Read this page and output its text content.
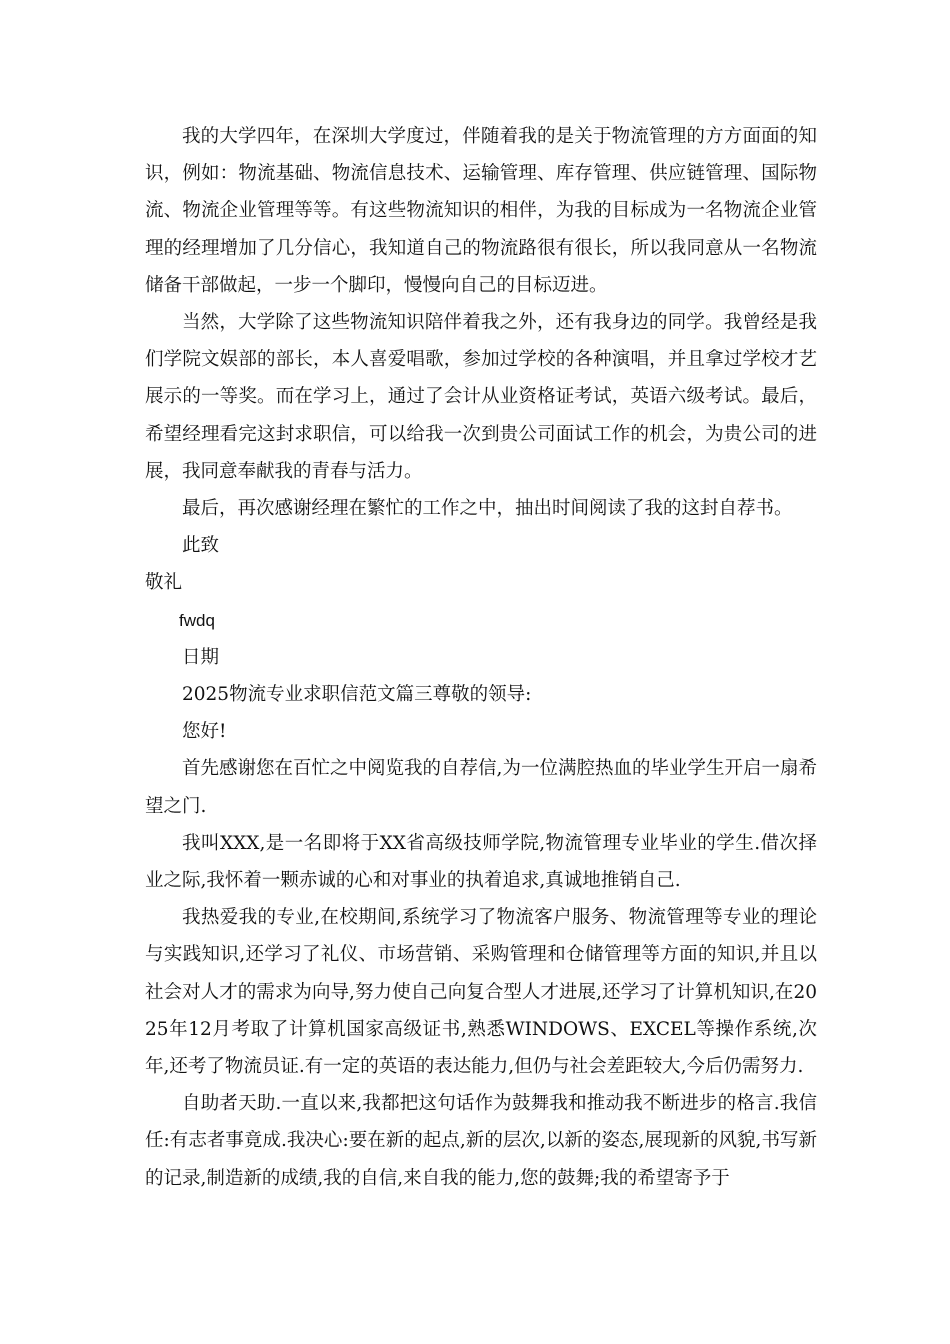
我的大学四年，在深圳大学度过，伴随着我的是关于物流管理的方方面面的知识，例如：物流基础、物流信息技术、运输管理、库存管理、供应链管理、国际物流、物流企业管理等等。有这些物流知识的相伴，为我的目标成为一名物流企业管理的经理增加了几分信心，我知道自己的物流路很有很长，所以我同意从一名物流储备干部做起，一步一个脚印，慢慢向自己的目标迈进。

当然，大学除了这些物流知识陪伴着我之外，还有我身边的同学。我曾经是我们学院文娱部的部长，本人喜爱唱歌，参加过学校的各种演唱，并且拿过学校才艺展示的一等奖。而在学习上，通过了会计从业资格证考试，英语六级考试。最后，希望经理看完这封求职信，可以给我一次到贵公司面试工作的机会，为贵公司的进展，我同意奉献我的青春与活力。

最后，再次感谢经理在繁忙的工作之中，抽出时间阅读了我的这封自荐书。

此致

敬礼

fwdq

日期

2025物流专业求职信范文篇三尊敬的领导:

您好!

首先感谢您在百忙之中阅览我的自荐信,为一位满腔热血的毕业学生开启一扇希望之门.

我叫XXX,是一名即将于XX省高级技师学院,物流管理专业毕业的学生.借次择业之际,我怀着一颗赤诚的心和对事业的执着追求,真诚地推销自己.

我热爱我的专业,在校期间,系统学习了物流客户服务、物流管理等专业的理论与实践知识,还学习了礼仪、市场营销、采购管理和仓储管理等方面的知识,并且以社会对人才的需求为向导,努力使自己向复合型人才进展,还学习了计算机知识,在2025年12月考取了计算机国家高级证书,熟悉WINDOWS、EXCEL等操作系统,次年,还考了物流员证.有一定的英语的表达能力,但仍与社会差距较大,今后仍需努力.

自助者天助.一直以来,我都把这句话作为鼓舞我和推动我不断进步的格言.我信任:有志者事竟成.我决心:要在新的起点,新的层次,以新的姿态,展现新的风貌,书写新的记录,制造新的成绩,我的自信,来自我的能力,您的鼓舞;我的希望寄予于
